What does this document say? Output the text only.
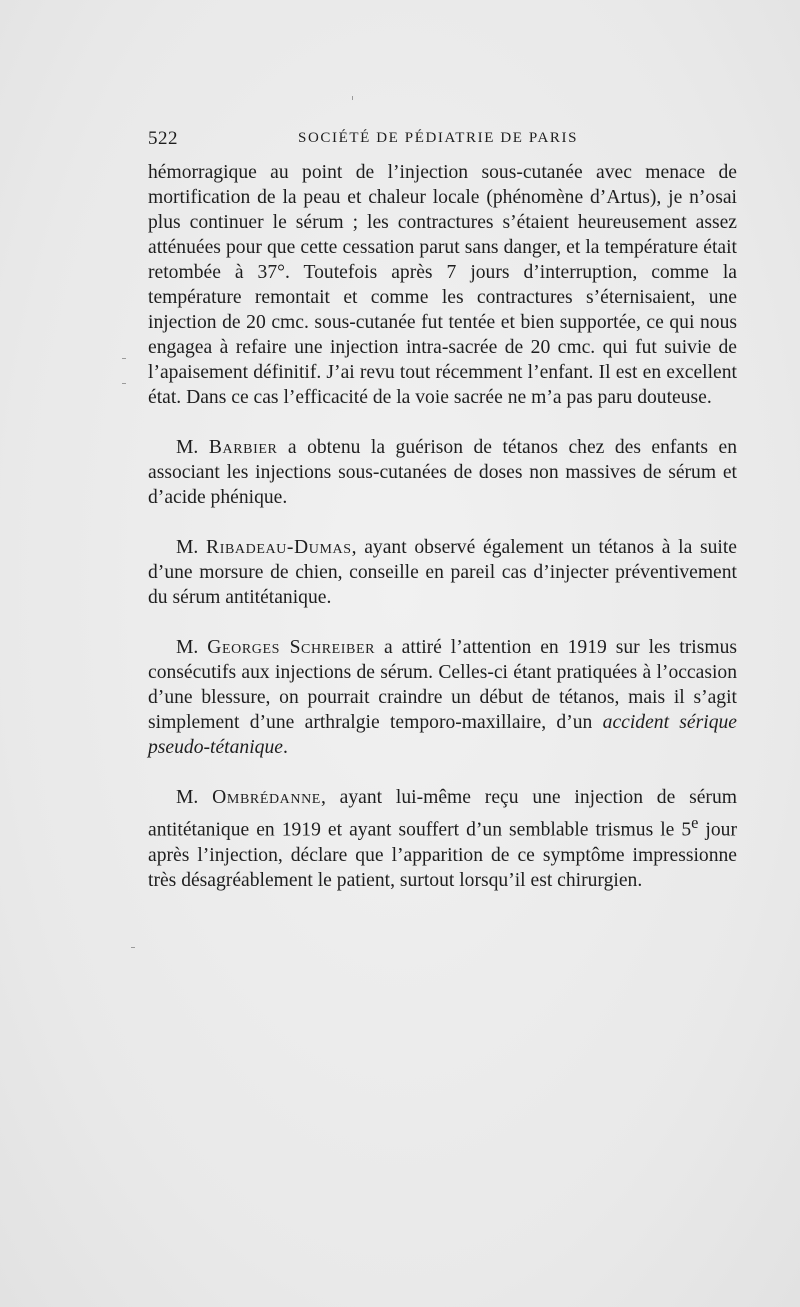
522	SOCIÉTÉ DE PÉDIATRIE DE PARIS

hémorragique au point de l’injection sous-cutanée avec menace de mortification de la peau et chaleur locale (phénomène d’Artus), je n’osai plus continuer le sérum ; les contractures s’étaient heureusement assez atténuées pour que cette cessation parut sans danger, et la température était retombée à 37°. Toutefois après 7 jours d’interruption, comme la température remontait et comme les contractures s’éternisaient, une injection de 20 cmc. sous-cutanée fut tentée et bien supportée, ce qui nous engagea à refaire une injection intra-sacrée de 20 cmc. qui fut suivie de l’apaisement définitif. J’ai revu tout récemment l’enfant. Il est en excellent état. Dans ce cas l’efficacité de la voie sacrée ne m’a pas paru douteuse.

M. Barbier a obtenu la guérison de tétanos chez des enfants en associant les injections sous-cutanées de doses non massives de sérum et d’acide phénique.

M. Ribadeau-Dumas, ayant observé également un tétanos à la suite d’une morsure de chien, conseille en pareil cas d’injecter préventivement du sérum antitétanique.

M. Georges Schreiber a attiré l’attention en 1919 sur les trismus consécutifs aux injections de sérum. Celles-ci étant pratiquées à l’occasion d’une blessure, on pourrait craindre un début de tétanos, mais il s’agit simplement d’une arthralgie temporo-maxillaire, d’un accident sérique pseudo-tétanique.

M. Ombrédanne, ayant lui-même reçu une injection de sérum antitétanique en 1919 et ayant souffert d’un semblable trismus le 5e jour après l’injection, déclare que l’apparition de ce symptôme impressionne très désagréablement le patient, surtout lorsqu’il est chirurgien.
